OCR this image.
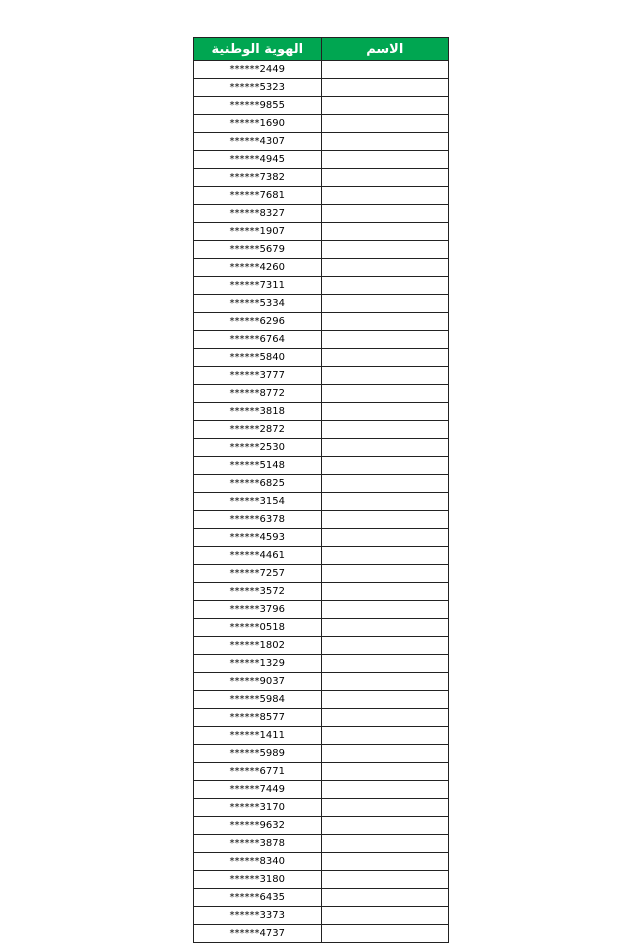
الهوية الوطنية	الاسم
******2449	
******5323	
******9855	
******1690	
******4307	
******4945	
******7382	
******7681	
******8327	
******1907	
******5679	
******4260	
******7311	
******5334	
******6296	
******6764	
******5840	
******3777	
******8772	
******3818	
******2872	
******2530	
******5148	
******6825	
******3154	
******6378	
******4593	
******4461	
******7257	
******3572	
******3796	
******0518	
******1802	
******1329	
******9037	
******5984	
******8577	
******1411	
******5989	
******6771	
******7449	
******3170	
******9632	
******3878	
******8340	
******3180	
******6435	
******3373	
******4737	
